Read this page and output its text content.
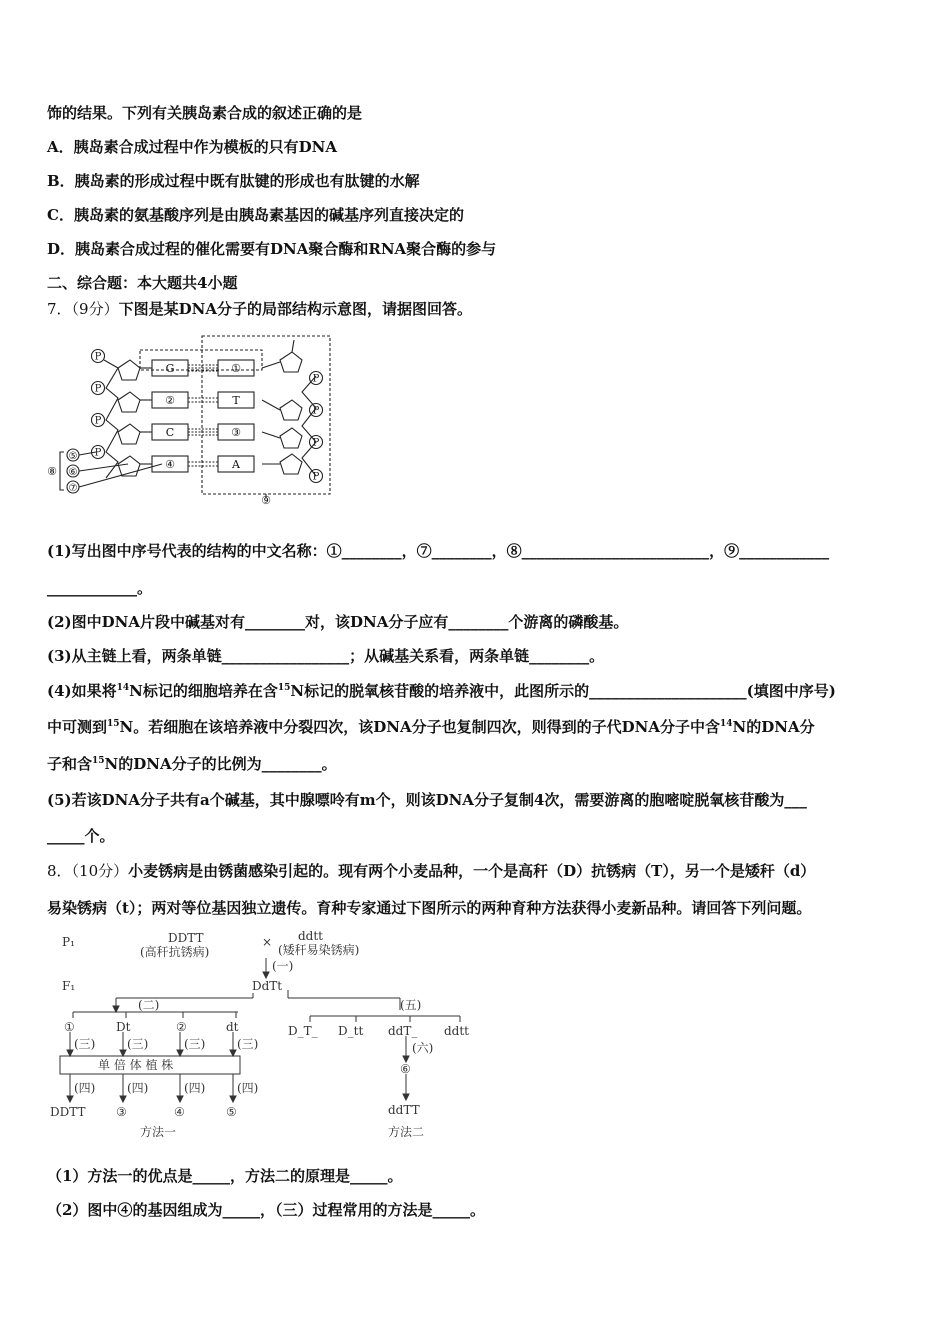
饰的结果。下列有关胰岛素合成的叙述正确的是
A．胰岛素合成过程中作为模板的只有DNA
B．胰岛素的形成过程中既有肽键的形成也有肽键的水解
C．胰岛素的氨基酸序列是由胰岛素基因的碱基序列直接决定的
D．胰岛素合成过程的催化需要有DNA聚合酶和RNA聚合酶的参与
二、综合题：本大题共4小题
7．（9分）下图是某DNA分子的局部结构示意图，请据图回答。
P
P
P
P
P
P
P
P
G
②
C
④
①
T
③
A
⑤
⑥
⑦
⑧
⑨
(1)写出图中序号代表的结构的中文名称：①________，⑦________，⑧_________________________，⑨____________
____________。
(2)图中DNA片段中碱基对有________对，该DNA分子应有________个游离的磷酸基。
(3)从主链上看，两条单链_________________；从碱基关系看，两条单链________。
(4)如果将$^{14}$N标记的细胞培养在含$^{15}$N标记的脱氧核苷酸的培养液中，此图所示的_____________________(填图中序号)
中可测到$^{15}$N。若细胞在该培养液中分裂四次，该DNA分子也复制四次，则得到的子代DNA分子中含$^{14}$N的DNA分
子和含$^{15}$N的DNA分子的比例为________。
(5)若该DNA分子共有a个碱基，其中腺嘌呤有m个，则该DNA分子复制4次，需要游离的胞嘧啶脱氧核苷酸为___
_____个。
8．（10分）小麦锈病是由锈菌感染引起的。现有两个小麦品种，一个是高秆（D）抗锈病（T），另一个是矮秆（d）
易染锈病（t）；两对等位基因独立遗传。育种专家通过下图所示的两种育种方法获得小麦新品种。请回答下列问题。
P₁
F₁
DDTT
(高秆抗锈病)
× ddtt
(矮秆易染锈病)
(一)
DdTt
(二)	(五)
①	Dt	②	dt
(三)	(三)	(三)	(三)
单 倍 体 植 株
(四)	(四)	(四)	(四)
DDTT	③	④	⑤
方法一
D_T_ D_tt ddT_ ddtt
(六)
⑥
ddTT
方法二
（1）方法一的优点是_____，方法二的原理是_____。
（2）图中④的基因组成为_____，（三）过程常用的方法是_____。
